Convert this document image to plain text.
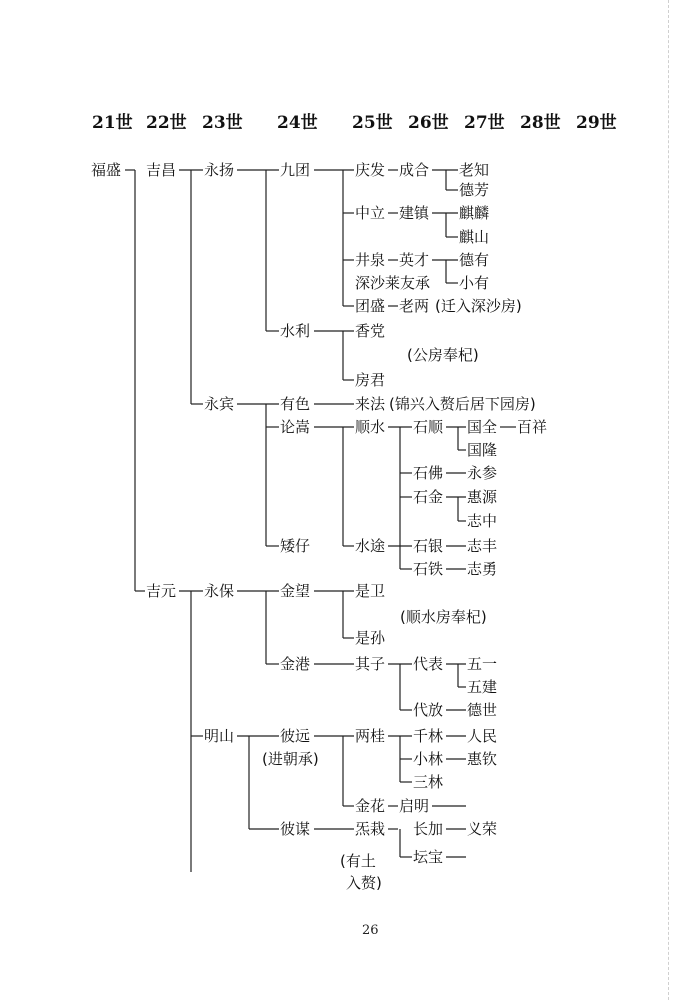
21世 22世 23世 24世 25世 26世 27世 28世 29世
福盛 吉昌
吉元
永扬
永宾
永保
明山
九团
水利
有色
论嵩
矮仔
金望
金港
彼远
彼谋
庆发
中立
井泉
深沙莱友承
团盛
香党
房君
来法
顺水
水途
是卫
是孙
其子
两桂
金花
炁栽
成合
建镇
英才
老两
石顺
石佛
石金
石银
石铁
代表
代放
千林
小林
三林
启明
长加
老知
德芳
麒麟
麒山
德有
小有
国全
国隆
永参
惠源
志中
志丰
志勇
五一
五建
德世
人民
惠钦
义荣
坛宝
百祥
(迁入深沙房)
(公房奉杞)
(锦兴入赘后居下园房)
(顺水房奉杞)
(进朝承)
(有土
入赘)
26
